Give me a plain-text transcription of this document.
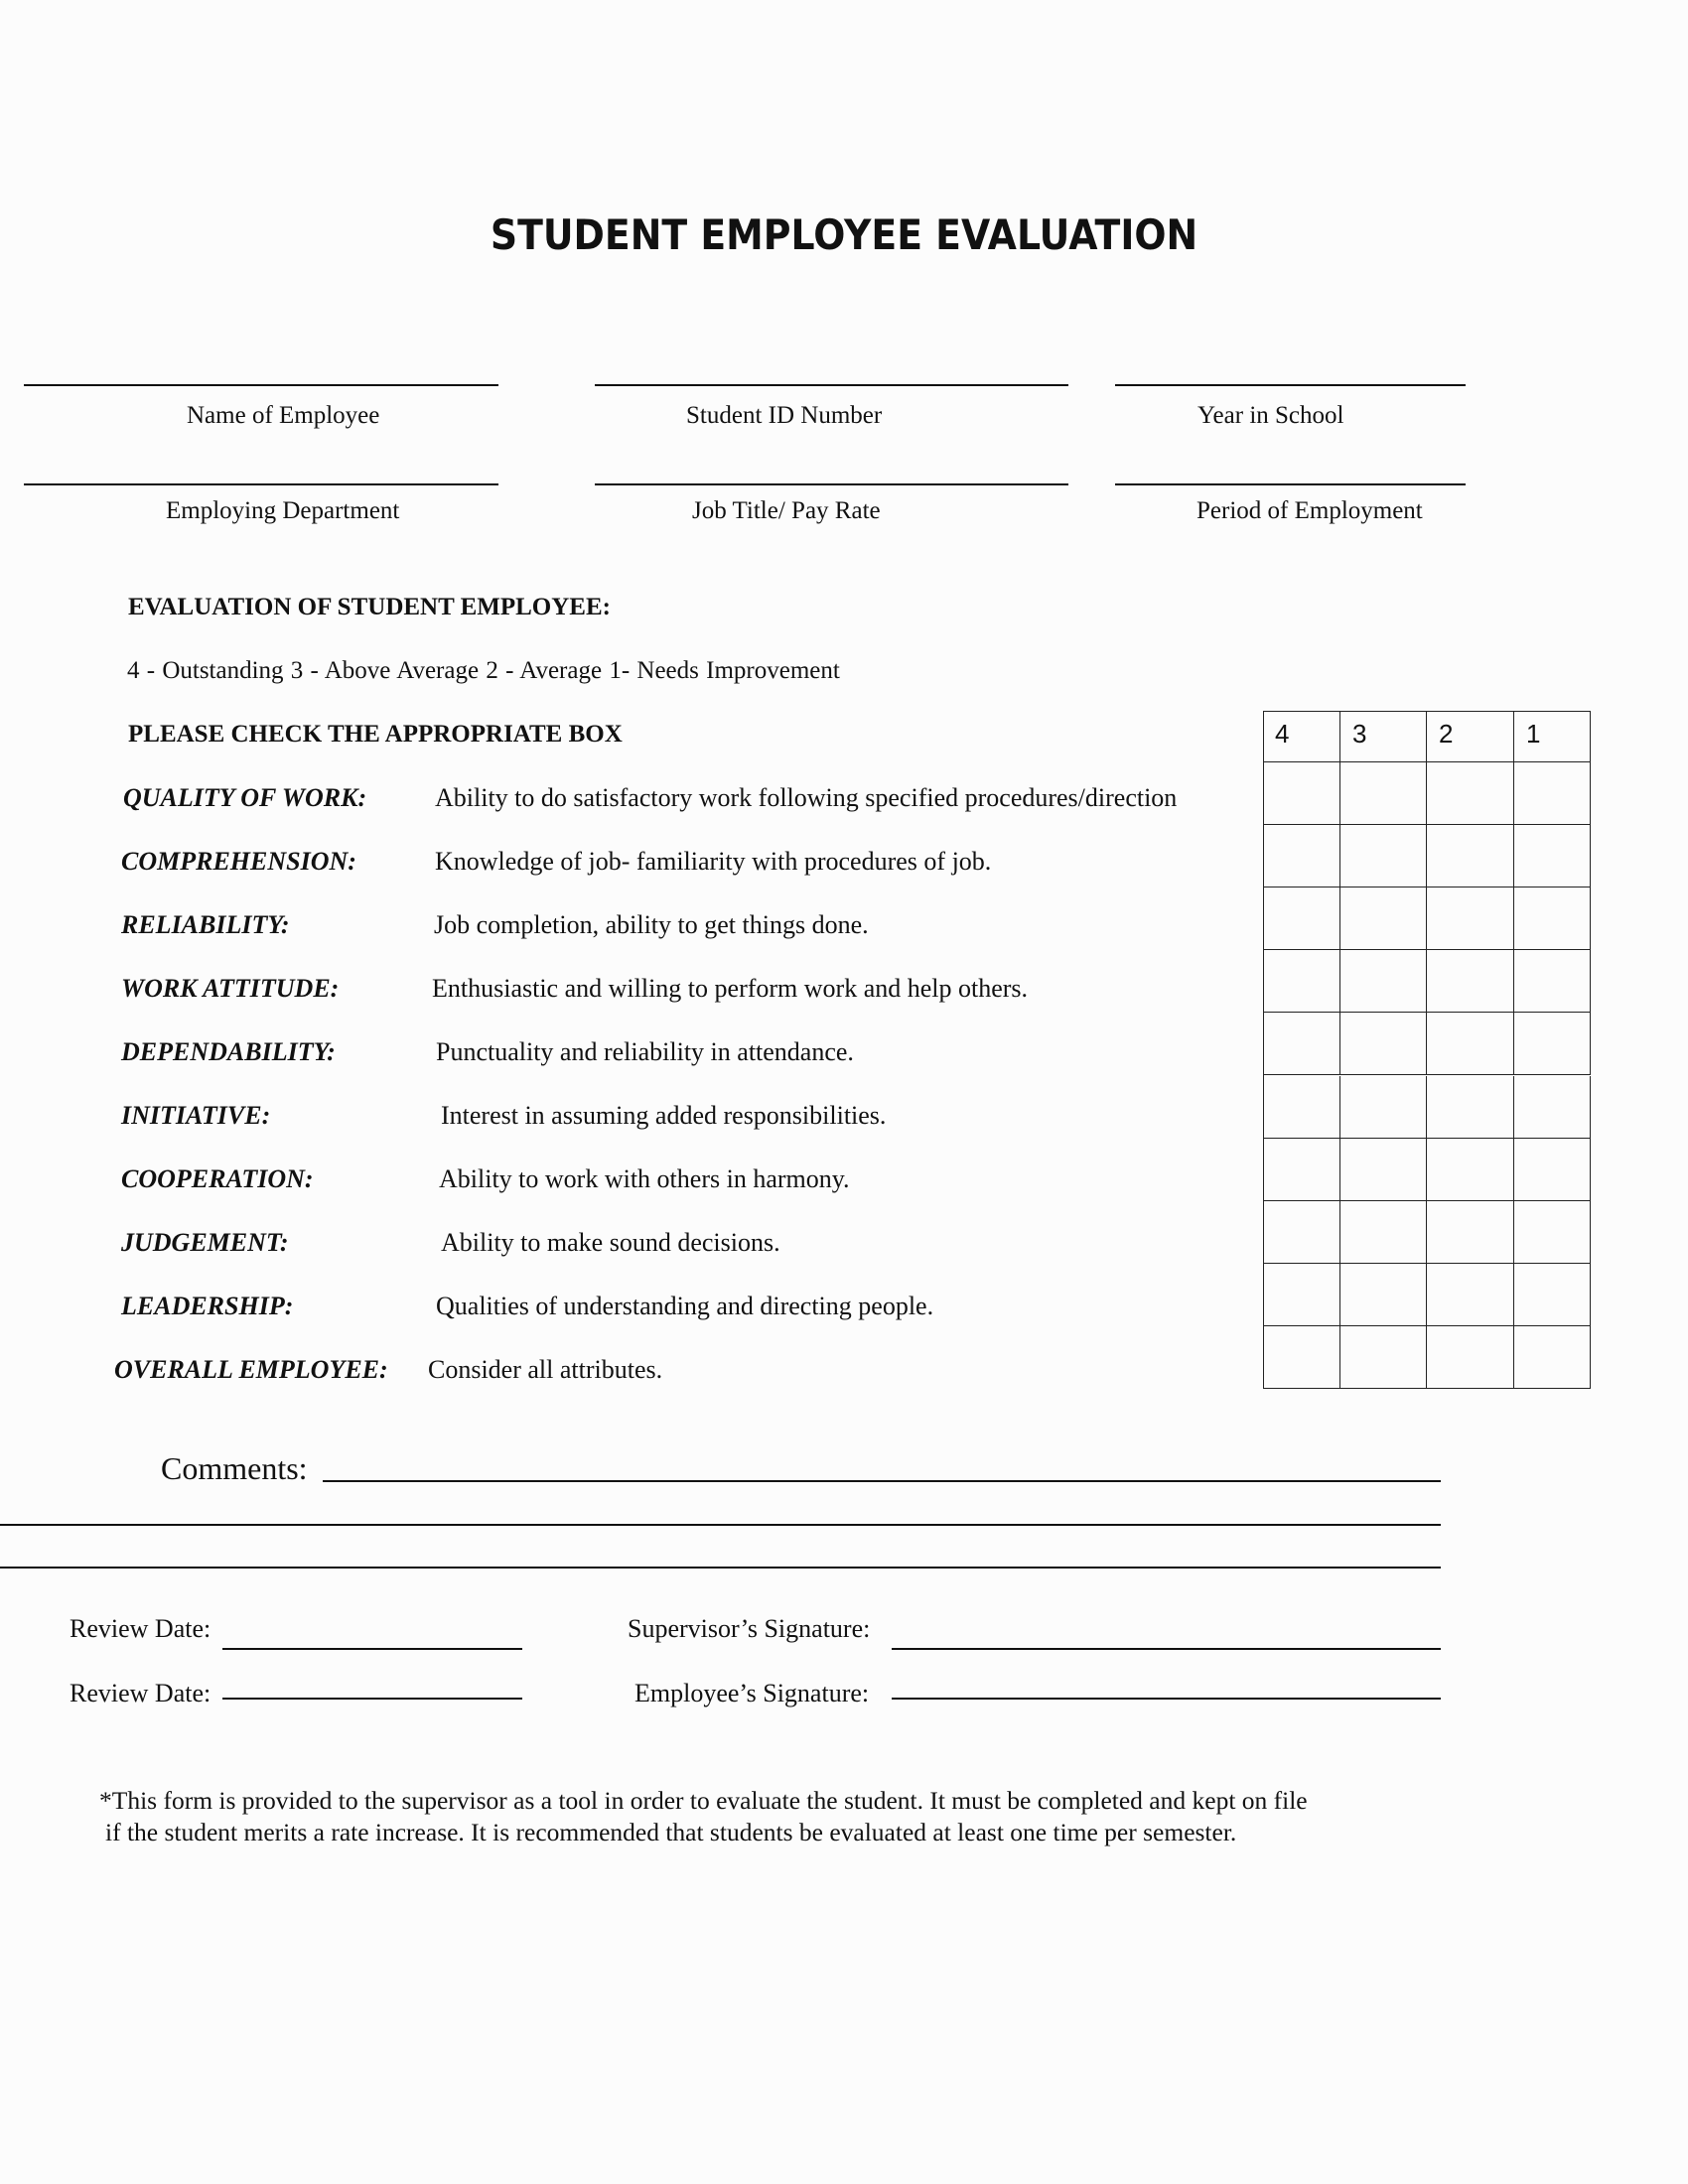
STUDENT EMPLOYEE EVALUATION
Name of Employee	Student ID Number	Year in School
Employing Department	Job Title/ Pay Rate	Period of Employment
EVALUATION OF STUDENT EMPLOYEE:
4 - Outstanding 3 - Above Average 2 - Average 1- Needs Improvement
PLEASE CHECK THE APPROPRIATE BOX
QUALITY OF WORK:	Ability to do satisfactory work following specified procedures/direction
COMPREHENSION:	Knowledge of job- familiarity with procedures of job.
RELIABILITY:	Job completion, ability to get things done.
WORK ATTITUDE:	Enthusiastic and willing to perform work and help others.
DEPENDABILITY:	Punctuality and reliability in attendance.
INITIATIVE:	Interest in assuming added responsibilities.
COOPERATION:	Ability to work with others in harmony.
JUDGEMENT:	Ability to make sound decisions.
LEADERSHIP:	Qualities of understanding and directing people.
OVERALL EMPLOYEE: Consider all attributes.
4	3	2	1
Comments:
Review Date:	Supervisor’s Signature:
Review Date:	Employee’s Signature:
*This form is provided to the supervisor as a tool in order to evaluate the student. It must be completed and kept on file
if the student merits a rate increase. It is recommended that students be evaluated at least one time per semester.
